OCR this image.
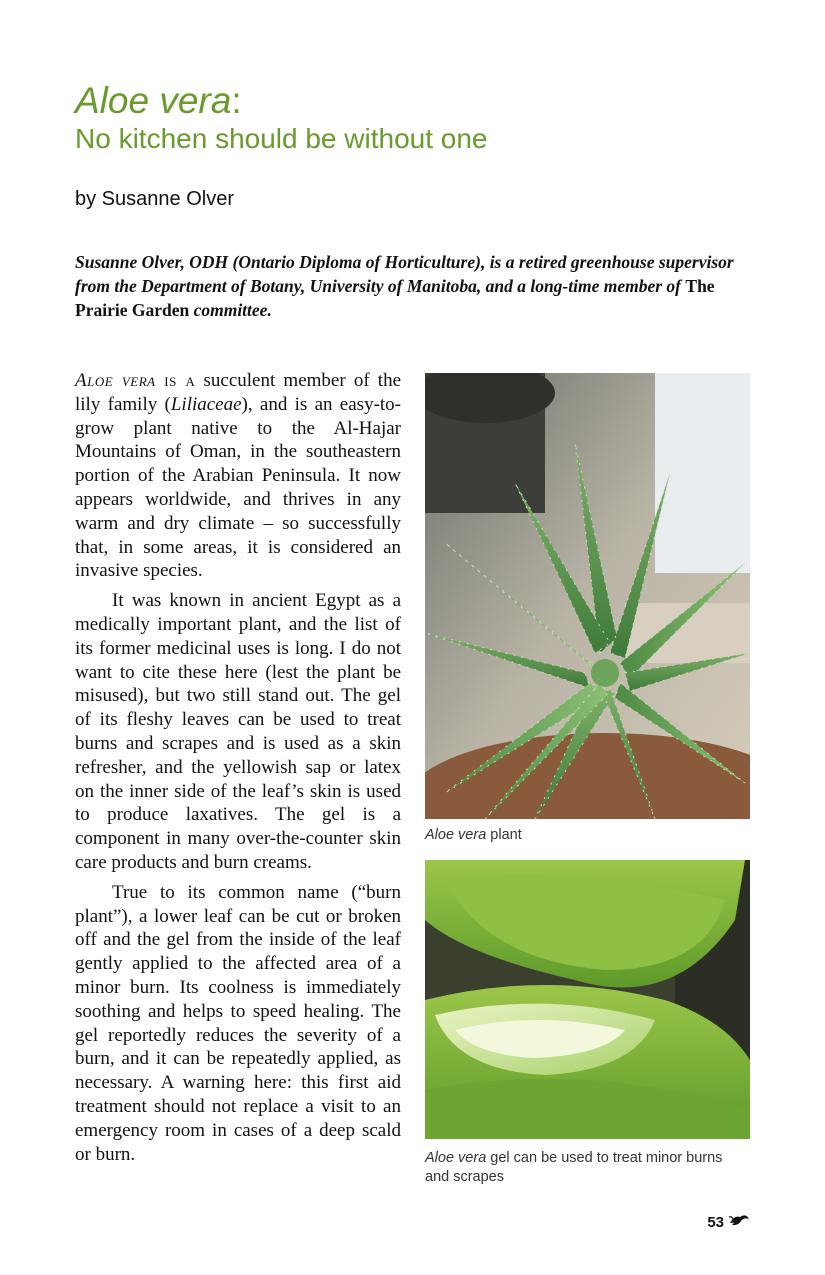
Aloe vera:
No kitchen should be without one

by Susanne Olver

Susanne Olver, ODH (Ontario Diploma of Horticulture), is a retired greenhouse supervisor from the Department of Botany, University of Manitoba, and a long-time member of The Prairie Garden committee.

Aloe vera is a succulent member of the lily family (Liliaceae), and is an easy-to-grow plant native to the Al-Hajar Mountains of Oman, in the southeastern portion of the Arabian Peninsula. It now appears worldwide, and thrives in any warm and dry climate – so successfully that, in some areas, it is considered an invasive species.

It was known in ancient Egypt as a medically important plant, and the list of its former medicinal uses is long. I do not want to cite these here (lest the plant be misused), but two still stand out. The gel of its fleshy leaves can be used to treat burns and scrapes and is used as a skin refresher, and the yellowish sap or latex on the inner side of the leaf’s skin is used to produce laxatives. The gel is a component in many over-the-counter skin care products and burn creams.

True to its common name (“burn plant”), a lower leaf can be cut or broken off and the gel from the inside of the leaf gently applied to the affected area of a minor burn. Its coolness is immediately soothing and helps to speed healing. The gel reportedly reduces the severity of a burn, and it can be repeatedly applied, as necessary. A warning here: this first aid treatment should not replace a visit to an emergency room in cases of a deep scald or burn.

Aloe vera plant
Aloe vera gel can be used to treat minor burns and scrapes
53
